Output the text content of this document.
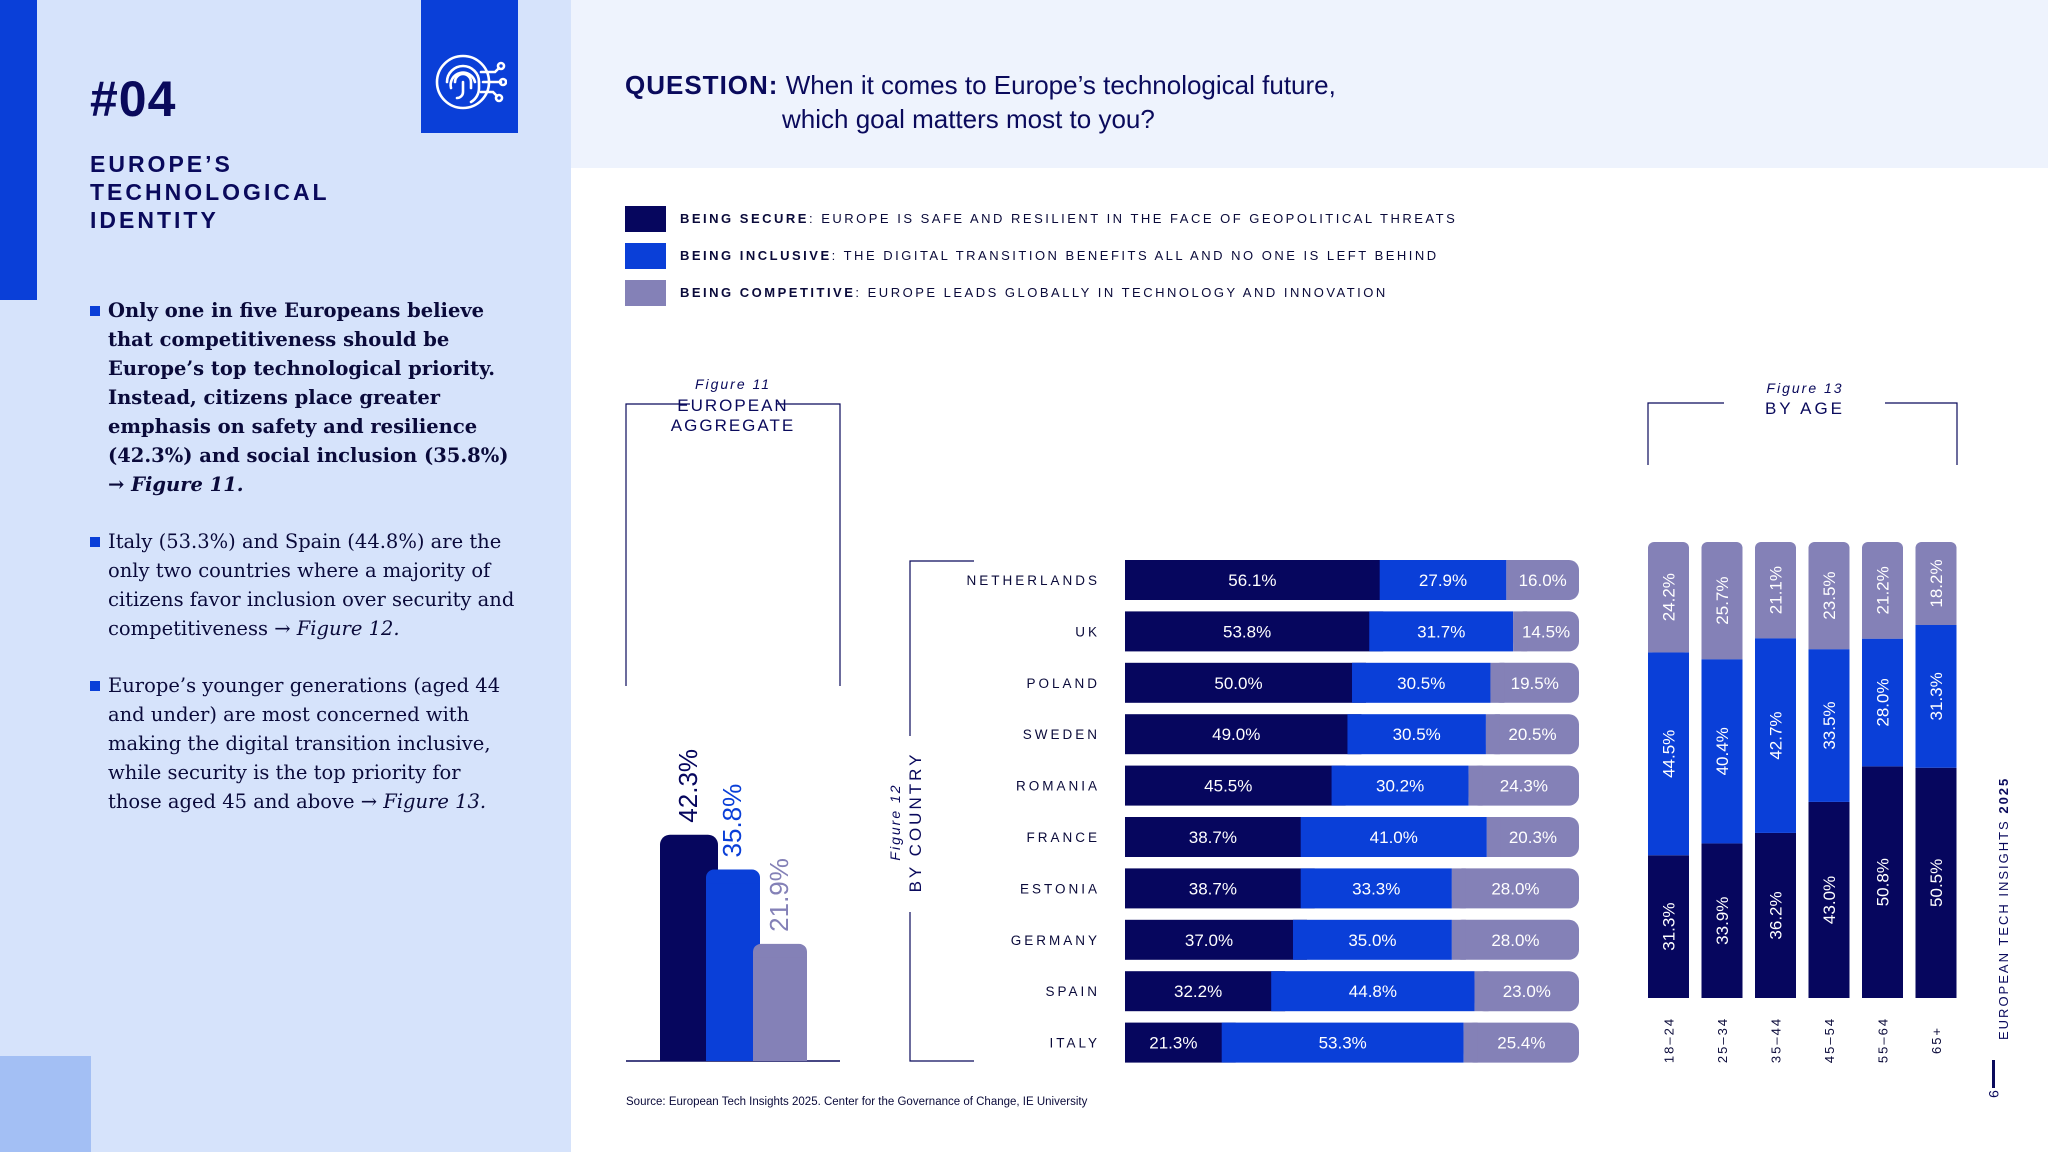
#04
EUROPE’S TECHNOLOGICAL IDENTITY
Only one in five Europeans believe that competitiveness should be Europe’s top technological priority. Instead, citizens place greater emphasis on safety and resilience (42.3%) and social inclusion (35.8%) → Figure 11.
Italy (53.3%) and Spain (44.8%) are the only two countries where a majority of citizens favor inclusion over security and competitiveness → Figure 12.
Europe’s younger generations (aged 44 and under) are most concerned with making the digital transition inclusive, while security is the top priority for those aged 45 and above → Figure 13.
QUESTION: When it comes to Europe’s technological future,
which goal matters most to you?
BEING SECURE: EUROPE IS SAFE AND RESILIENT IN THE FACE OF GEOPOLITICAL THREATS
BEING INCLUSIVE: THE DIGITAL TRANSITION BENEFITS ALL AND NO ONE IS LEFT BEHIND
BEING COMPETITIVE: EUROPE LEADS GLOBALLY IN TECHNOLOGY AND INNOVATION
Figure 11
EUROPEAN
AGGREGATE
42.3% 35.8%
21.9%
Figure 12 BY COUNTRY
NETHERLANDS	56.1%	27.9%	16.0%
UK	53.8%	31.7%	14.5%
POLAND	50.0%	30.5%	19.5%
SWEDEN	49.0%	30.5%	20.5%
ROMANIA	45.5%	30.2%	24.3%
FRANCE	38.7%	41.0%	20.3%
ESTONIA	38.7%	33.3%	28.0%
GERMANY	37.0%	35.0%	28.0%
SPAIN	32.2%	44.8%	23.0%
ITALY	21.3%	53.3%	25.4%
Figure 13
BY AGE
31.3%
44.5%
24.2%
18–24
33.9%
40.4%
25.7%
25–34
36.2%
42.7%
21.1%
35–44
43.0%
33.5%
23.5%
45–54
50.8%
28.0%
21.2%
55–64
50.5%
31.3%
18.2%
65+
Source: European Tech Insights 2025. Center for the Governance of Change, IE University
EUROPEAN TECH INSIGHTS 2025
9
